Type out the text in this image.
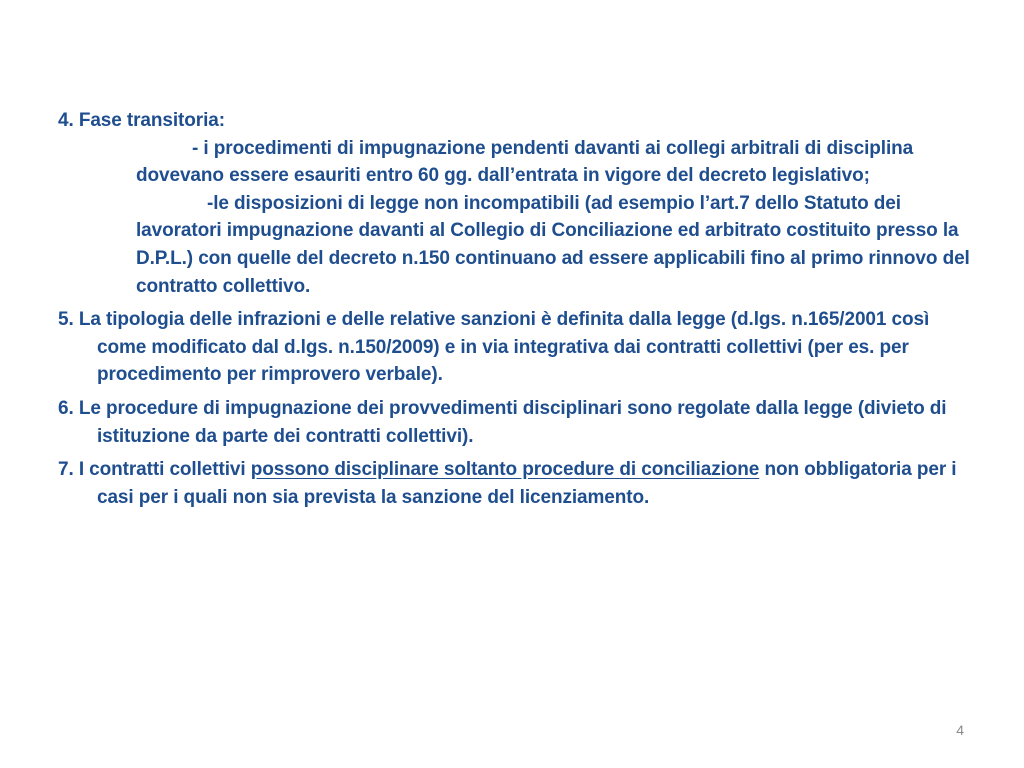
4. Fase transitoria:
- i procedimenti di impugnazione pendenti davanti ai collegi arbitrali di disciplina dovevano essere esauriti entro 60 gg. dall’entrata in vigore del decreto legislativo;
-le disposizioni di legge non incompatibili (ad esempio l’art.7 dello Statuto dei lavoratori impugnazione davanti al Collegio di Conciliazione ed arbitrato costituito presso la D.P.L.) con quelle del decreto n.150 continuano ad essere applicabili fino al primo rinnovo del contratto collettivo.
5. La tipologia delle infrazioni e delle relative sanzioni è definita dalla legge (d.lgs. n.165/2001 così come modificato dal d.lgs. n.150/2009) e in via integrativa dai contratti collettivi (per es. per procedimento per rimprovero verbale).
6. Le procedure di impugnazione dei provvedimenti disciplinari sono regolate dalla legge (divieto di istituzione da parte dei contratti collettivi).
7. I contratti collettivi possono disciplinare soltanto procedure di conciliazione non obbligatoria per i casi per i quali non sia prevista la sanzione del licenziamento.
4
